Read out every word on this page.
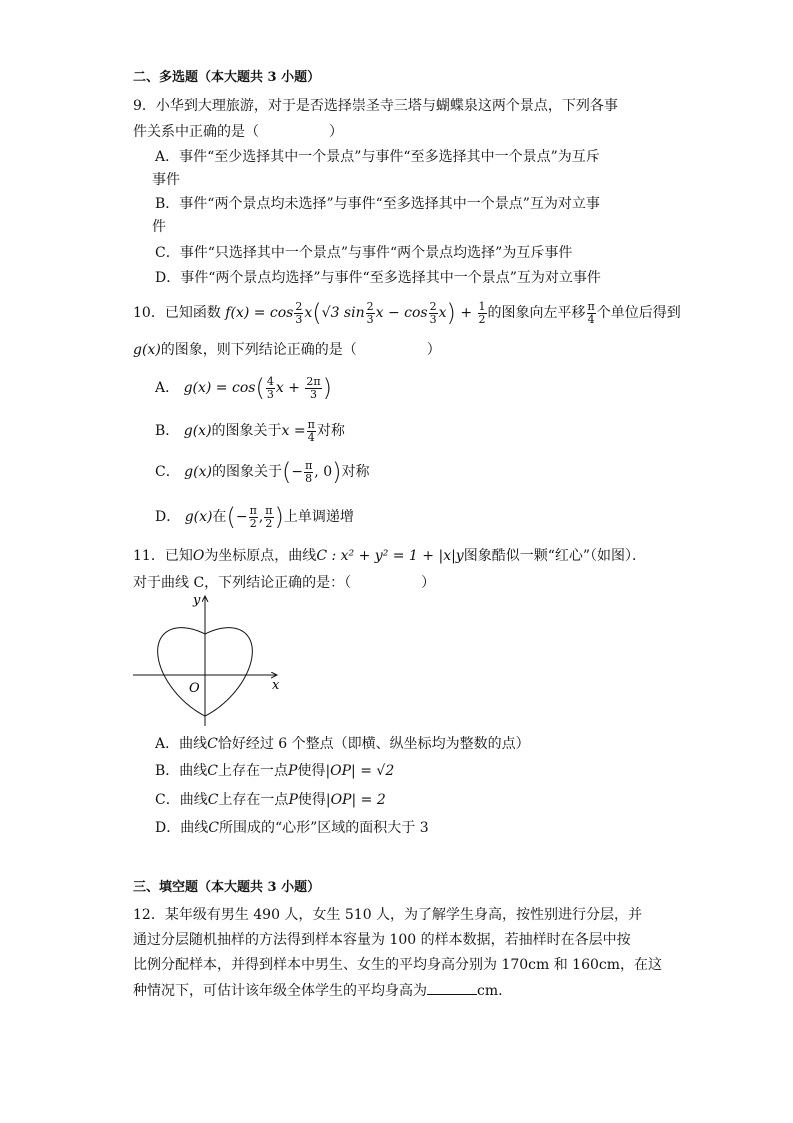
二、多选题（本大题共 3 小题）
9．小华到大理旅游，对于是否选择崇圣寺三塔与蝴蝶泉这两个景点，下列各事
件关系中正确的是（	）
A．事件“至少选择其中一个景点”与事件“至多选择其中一个景点”为互斥
事件
B．事件“两个景点均未选择”与事件“至多选择其中一个景点”互为对立事
件
C．事件“只选择其中一个景点”与事件“两个景点均选择”为互斥事件
D．事件“两个景点均选择”与事件“至多选择其中一个景点”互为对立事件
10．已知函数 $f(x) = \cos \frac{2}{3} x(√3$ $\sin \frac{2}{3}$ $x - \cos \frac{2}{3} x) + \frac{1}{2}$ 的图象向左平移 $\frac{\pi}{4}$ 个单位后得到
g(x)的图象，则下列结论正确的是（	）
A． $g(x) = \cos( \frac{4}{3}$ $x + \frac{2\pi}{3}$ )
B． g(x)的图象关于$x = \frac{\pi}{4}$ 对称
C． g(x)的图象关于(− $\frac{\pi}{8}$ , 0)对称
D． g(x)在(− $\frac{\pi}{2}$ , $\frac{\pi}{2}$ )上单调递增
11．已知O为坐标原点，曲线C : x² + y² = 1 + |x|y图象酷似一颗“红心”（如图）．
对于曲线 C，下列结论正确的是：（	）
y
x
O
A．曲线C恰好经过 6 个整点（即横、纵坐标均为整数的点）
B．曲线C上存在一点P使得|OP| = √2
C．曲线C上存在一点P使得|OP| = 2
D．曲线C所围成的“心形”区域的面积大于 3
三、填空题（本大题共 3 小题）
12．某年级有男生 490 人，女生 510 人，为了解学生身高，按性别进行分层，并
通过分层随机抽样的方法得到样本容量为 100 的样本数据，若抽样时在各层中按
比例分配样本，并得到样本中男生、女生的平均身高分别为 170cm 和 160cm，在这
种情况下，可估计该年级全体学生的平均身高为	cm.
